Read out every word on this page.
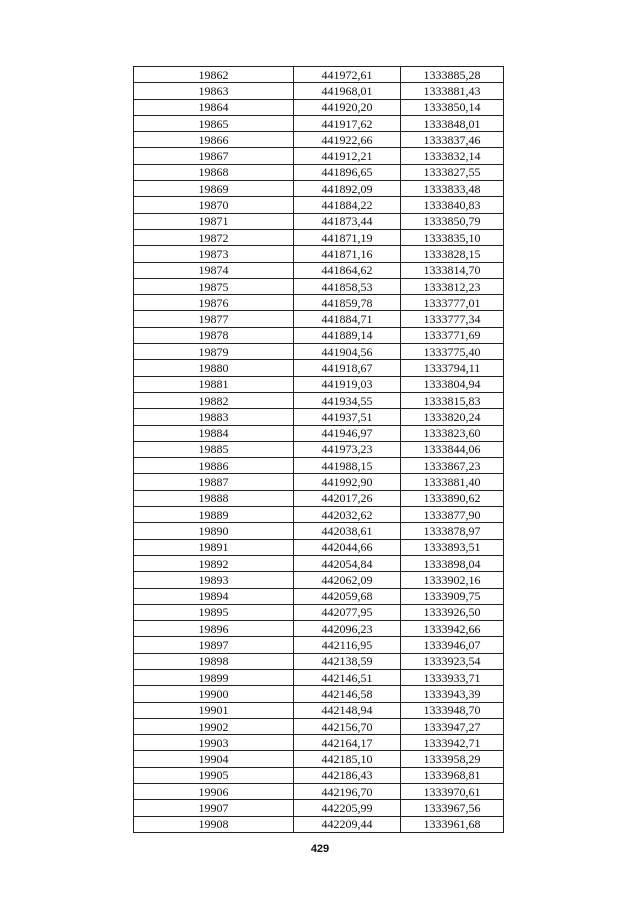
19862	441972,61	1333885,28
19863	441968,01	1333881,43
19864	441920,20	1333850,14
19865	441917,62	1333848,01
19866	441922,66	1333837,46
19867	441912,21	1333832,14
19868	441896,65	1333827,55
19869	441892,09	1333833,48
19870	441884,22	1333840,83
19871	441873,44	1333850,79
19872	441871,19	1333835,10
19873	441871,16	1333828,15
19874	441864,62	1333814,70
19875	441858,53	1333812,23
19876	441859,78	1333777,01
19877	441884,71	1333777,34
19878	441889,14	1333771,69
19879	441904,56	1333775,40
19880	441918,67	1333794,11
19881	441919,03	1333804,94
19882	441934,55	1333815,83
19883	441937,51	1333820,24
19884	441946,97	1333823,60
19885	441973,23	1333844,06
19886	441988,15	1333867,23
19887	441992,90	1333881,40
19888	442017,26	1333890,62
19889	442032,62	1333877,90
19890	442038,61	1333878,97
19891	442044,66	1333893,51
19892	442054,84	1333898,04
19893	442062,09	1333902,16
19894	442059,68	1333909,75
19895	442077,95	1333926,50
19896	442096,23	1333942,66
19897	442116,95	1333946,07
19898	442138,59	1333923,54
19899	442146,51	1333933,71
19900	442146,58	1333943,39
19901	442148,94	1333948,70
19902	442156,70	1333947,27
19903	442164,17	1333942,71
19904	442185,10	1333958,29
19905	442186,43	1333968,81
19906	442196,70	1333970,61
19907	442205,99	1333967,56
19908	442209,44	1333961,68
429
